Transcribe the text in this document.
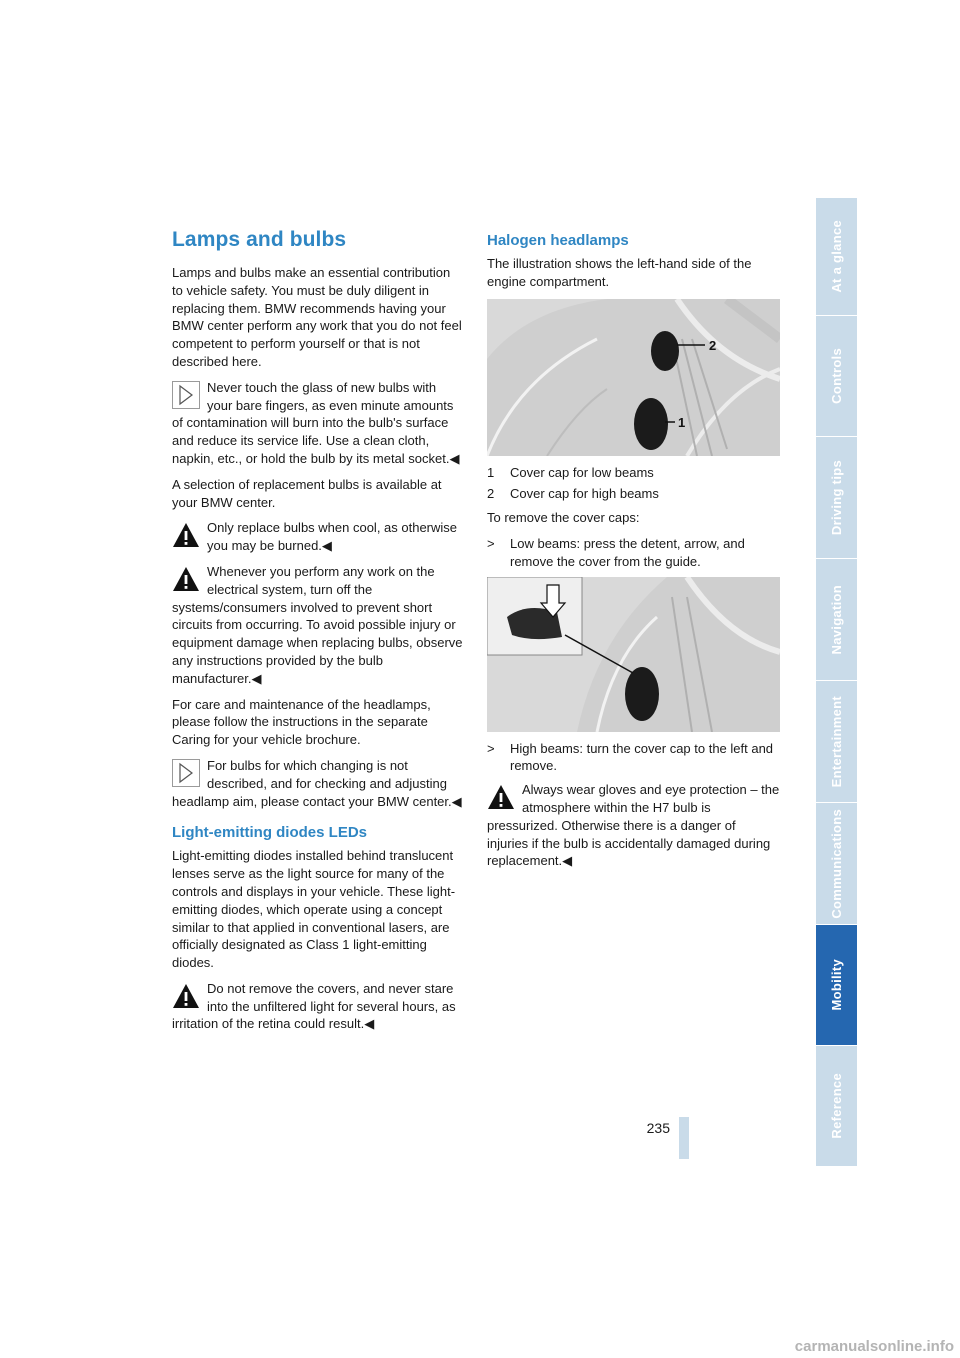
Lamps and bulbs

Lamps and bulbs make an essential contribution to vehicle safety. You must be duly diligent in replacing them. BMW recommends having your BMW center perform any work that you do not feel competent to perform yourself or that is not described here.

Never touch the glass of new bulbs with your bare fingers, as even minute amounts of contamination will burn into the bulb's surface and reduce its service life. Use a clean cloth, napkin, etc., or hold the bulb by its metal socket.◀

A selection of replacement bulbs is available at your BMW center.

Only replace bulbs when cool, as otherwise you may be burned.◀
Whenever you perform any work on the electrical system, turn off the systems/consumers involved to prevent short circuits from occurring. To avoid possible injury or equipment damage when replacing bulbs, observe any instructions provided by the bulb manufacturer.◀

For care and maintenance of the headlamps, please follow the instructions in the separate Caring for your vehicle brochure.

For bulbs for which changing is not described, and for checking and adjusting headlamp aim, please contact your BMW center.◀
Light-emitting diodes LEDs

Light-emitting diodes installed behind translucent lenses serve as the light source for many of the controls and displays in your vehicle. These light-emitting diodes, which operate using a concept similar to that applied in conventional lasers, are officially designated as Class 1 light-emitting diodes.

Do not remove the covers, and never stare into the unfiltered light for several hours, as irritation of the retina could result.◀
Halogen headlamps

The illustration shows the left-hand side of the engine compartment.

2
1
1 Cover cap for low beams
2 Cover cap for high beams

To remove the cover caps:

> Low beams: press the detent, arrow, and remove the cover from the guide.
> High beams: turn the cover cap to the left and remove.
Always wear gloves and eye protection – the atmosphere within the H7 bulb is pressurized. Otherwise there is a danger of injuries if the bulb is accidentally damaged during replacement.◀
At a glance
Controls
Driving tips
Navigation
Entertainment
Communications
Mobility
Reference
235
carmanualsonline.info
